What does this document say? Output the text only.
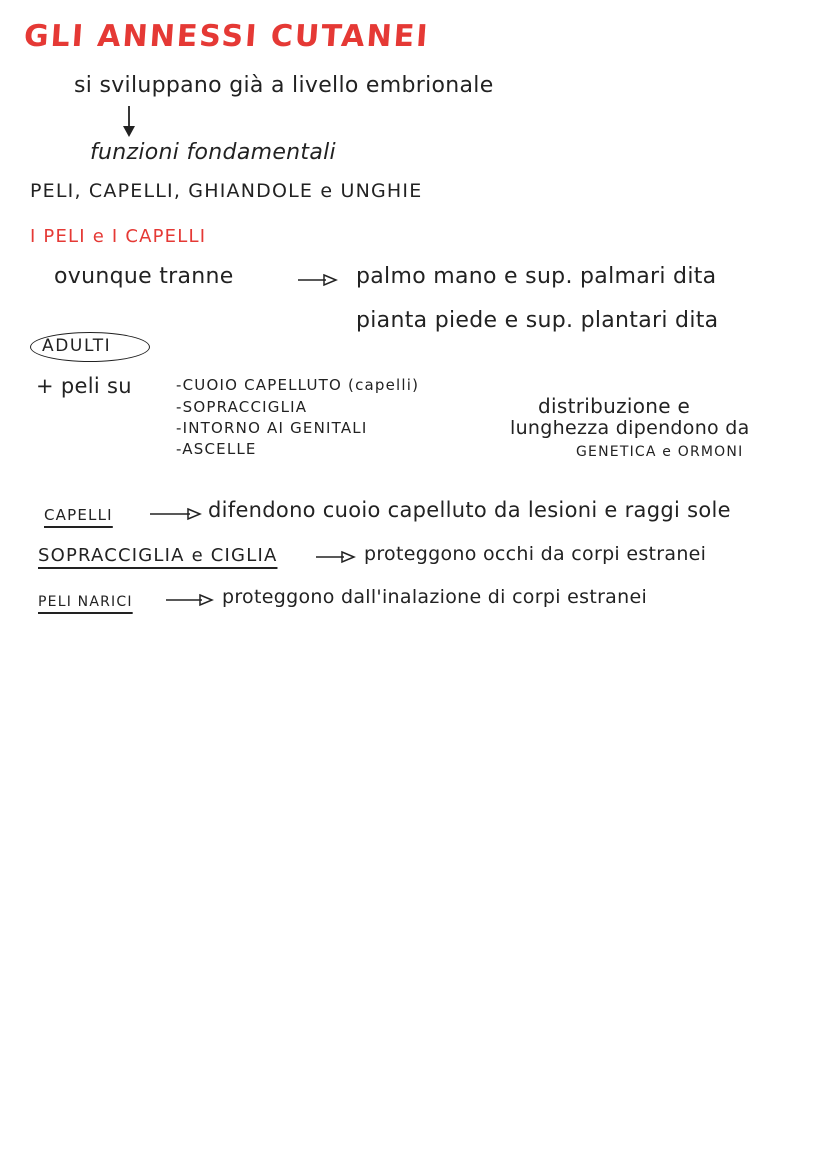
GLI ANNESSI CUTANEI
si sviluppano già a livello embrionale
funzioni fondamentali
PELI, CAPELLI, GHIANDOLE e UNGHIE
I PELI e I CAPELLI
ovunque tranne	palmo mano e sup. palmari dita
pianta piede e sup. plantari dita
ADULTI
+ peli su	-CUOIO CAPELLUTO (capelli)
-SOPRACCIGLIA
-INTORNO AI GENITALI
-ASCELLE
distribuzione e
lunghezza dipendono da
GENETICA e ORMONI
CAPELLI	difendono cuoio capelluto da lesioni e raggi sole
SOPRACCIGLIA e CIGLIA	proteggono occhi da corpi estranei
PELI NARICI	proteggono dall'inalazione di corpi estranei
